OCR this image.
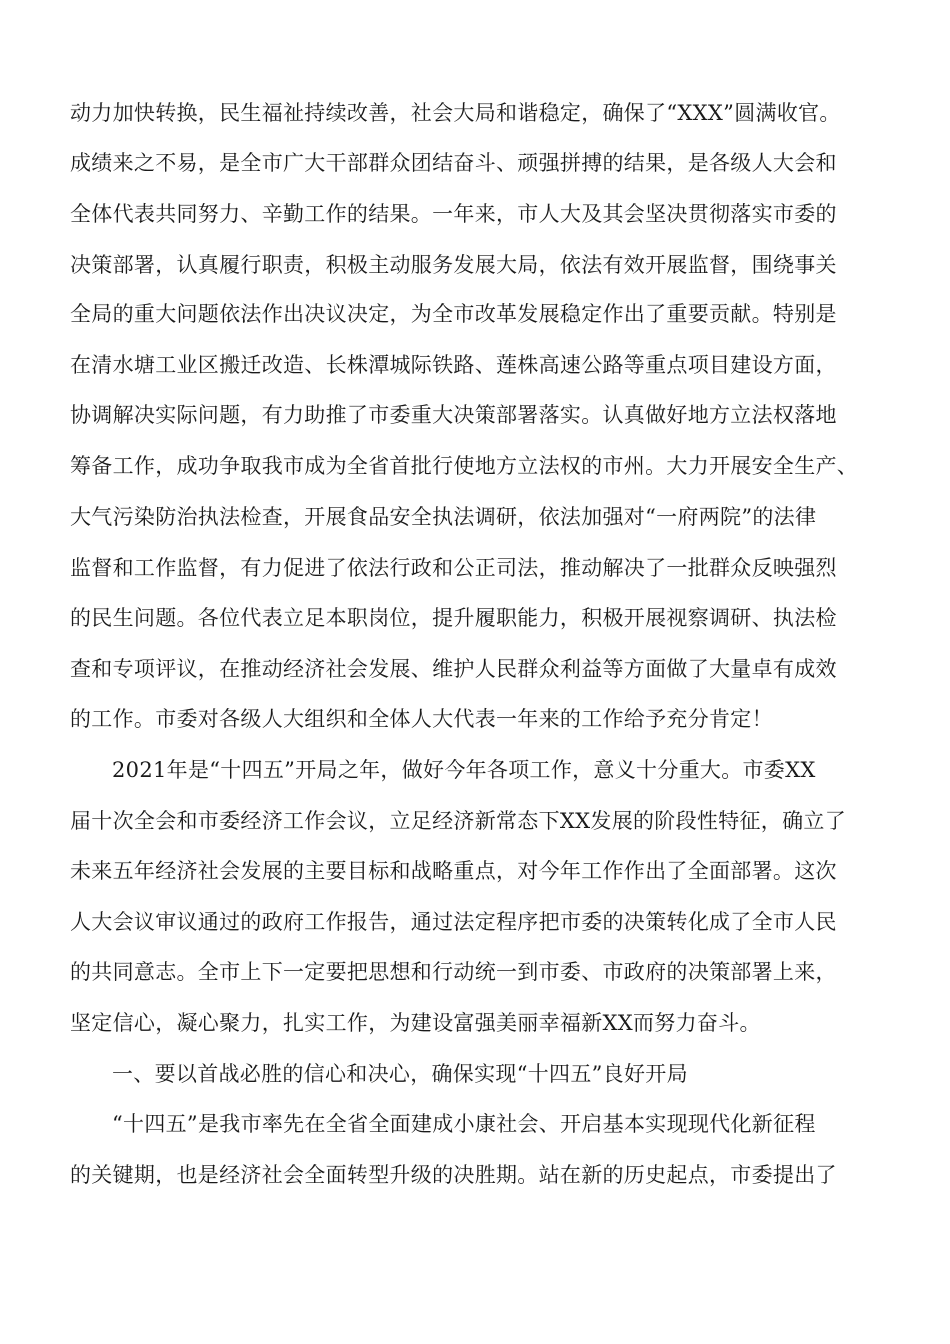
动力加快转换，民生福祉持续改善，社会大局和谐稳定，确保了“XXX”圆满收官。
成绩来之不易，是全市广大干部群众团结奋斗、顽强拼搏的结果，是各级人大会和
全体代表共同努力、辛勤工作的结果。一年来，市人大及其会坚决贯彻落实市委的
决策部署，认真履行职责，积极主动服务发展大局，依法有效开展监督，围绕事关
全局的重大问题依法作出决议决定，为全市改革发展稳定作出了重要贡献。特别是
在清水塘工业区搬迁改造、长株潭城际铁路、莲株高速公路等重点项目建设方面，
协调解决实际问题，有力助推了市委重大决策部署落实。认真做好地方立法权落地
筹备工作，成功争取我市成为全省首批行使地方立法权的市州。大力开展安全生产、
大气污染防治执法检查，开展食品安全执法调研，依法加强对“一府两院”的法律
监督和工作监督，有力促进了依法行政和公正司法，推动解决了一批群众反映强烈
的民生问题。各位代表立足本职岗位，提升履职能力，积极开展视察调研、执法检
查和专项评议，在推动经济社会发展、维护人民群众利益等方面做了大量卓有成效
的工作。市委对各级人大组织和全体人大代表一年来的工作给予充分肯定！
2021年是“十四五”开局之年，做好今年各项工作，意义十分重大。市委XX
届十次全会和市委经济工作会议，立足经济新常态下XX发展的阶段性特征，确立了
未来五年经济社会发展的主要目标和战略重点，对今年工作作出了全面部署。这次
人大会议审议通过的政府工作报告，通过法定程序把市委的决策转化成了全市人民
的共同意志。全市上下一定要把思想和行动统一到市委、市政府的决策部署上来，
坚定信心，凝心聚力，扎实工作，为建设富强美丽幸福新XX而努力奋斗。
一、要以首战必胜的信心和决心，确保实现“十四五”良好开局
“十四五”是我市率先在全省全面建成小康社会、开启基本实现现代化新征程
的关键期，也是经济社会全面转型升级的决胜期。站在新的历史起点，市委提出了
